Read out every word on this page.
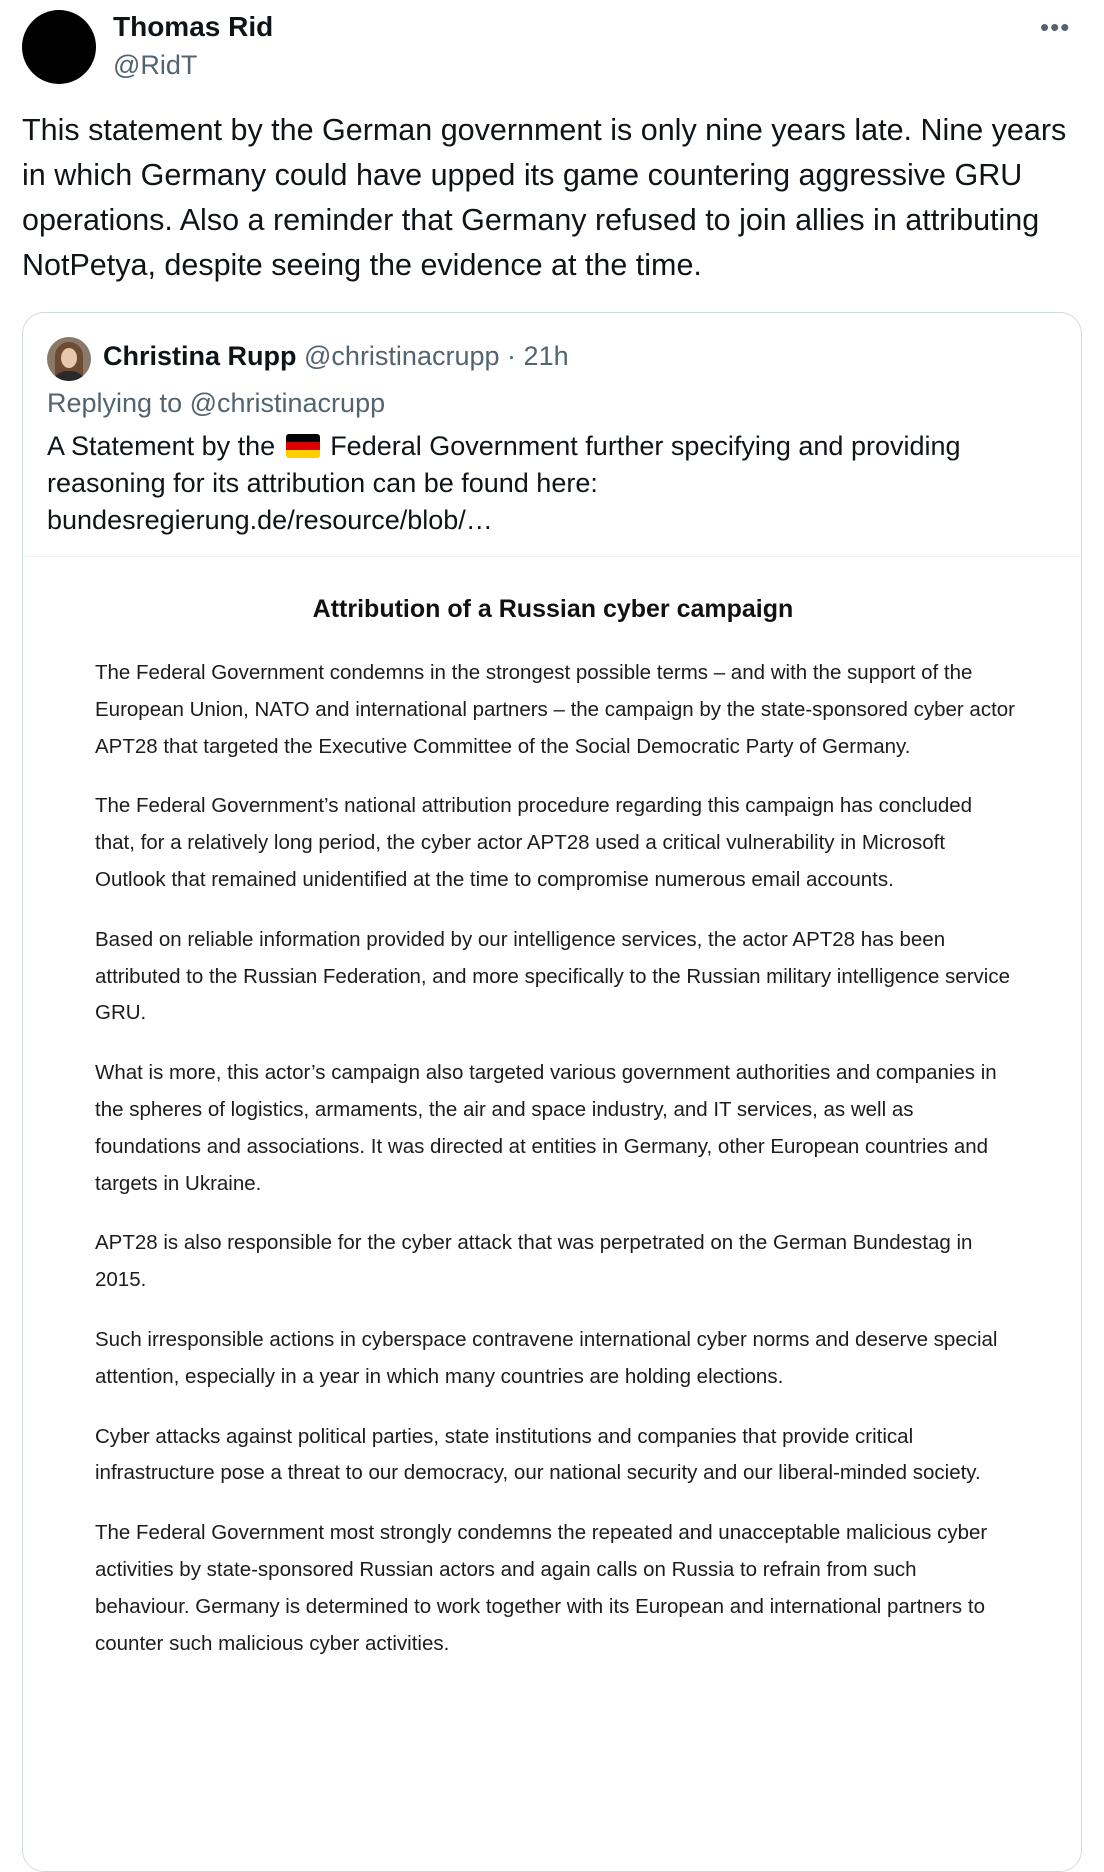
Thomas Rid
@RidT
•••

This statement by the German government is only nine years late. Nine years in which Germany could have upped its game countering aggressive GRU operations. Also a reminder that Germany refused to join allies in attributing NotPetya, despite seeing the evidence at the time.

Christina Rupp @christinacrupp · 21h
Replying to @christinacrupp

A Statement by the Federal Government further specifying and providing reasoning for its attribution can be found here:
bundesregierung.de/resource/blob/…

Attribution of a Russian cyber campaign

The Federal Government condemns in the strongest possible terms – and with the support of the European Union, NATO and international partners – the campaign by the state-sponsored cyber actor APT28 that targeted the Executive Committee of the Social Democratic Party of Germany.

The Federal Government’s national attribution procedure regarding this campaign has concluded that, for a relatively long period, the cyber actor APT28 used a critical vulnerability in Microsoft Outlook that remained unidentified at the time to compromise numerous email accounts.

Based on reliable information provided by our intelligence services, the actor APT28 has been attributed to the Russian Federation, and more specifically to the Russian military intelligence service GRU.

What is more, this actor’s campaign also targeted various government authorities and companies in the spheres of logistics, armaments, the air and space industry, and IT services, as well as foundations and associations. It was directed at entities in Germany, other European countries and targets in Ukraine.

APT28 is also responsible for the cyber attack that was perpetrated on the German Bundestag in 2015.

Such irresponsible actions in cyberspace contravene international cyber norms and deserve special attention, especially in a year in which many countries are holding elections.

Cyber attacks against political parties, state institutions and companies that provide critical infrastructure pose a threat to our democracy, our national security and our liberal-minded society.

The Federal Government most strongly condemns the repeated and unacceptable malicious cyber activities by state-sponsored Russian actors and again calls on Russia to refrain from such behaviour. Germany is determined to work together with its European and international partners to counter such malicious cyber activities.
